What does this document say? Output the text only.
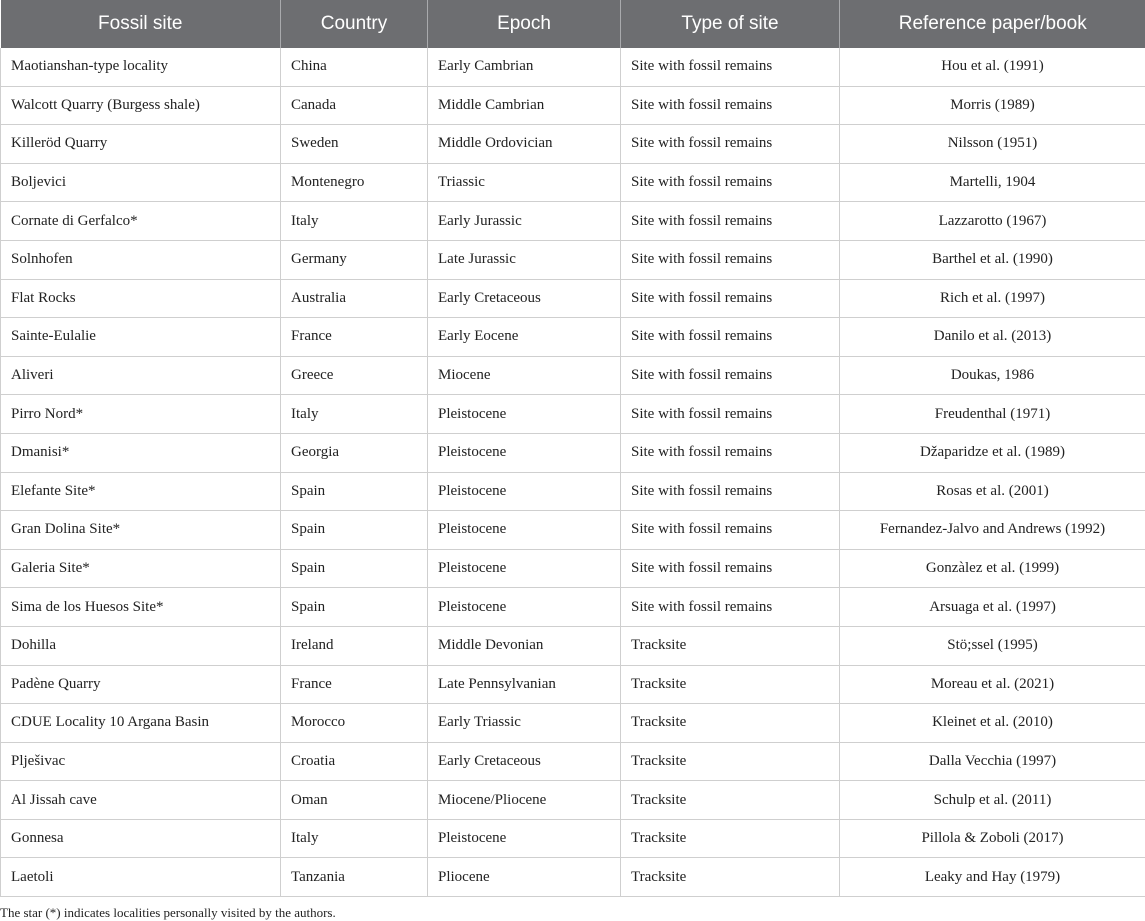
Fossil site	Country	Epoch	Type of site	Reference paper/book
Maotianshan-type locality	China	Early Cambrian	Site with fossil remains	Hou et al. (1991)
Walcott Quarry (Burgess shale)	Canada	Middle Cambrian	Site with fossil remains	Morris (1989)
Killeröd Quarry	Sweden	Middle Ordovician	Site with fossil remains	Nilsson (1951)
Boljevici	Montenegro	Triassic	Site with fossil remains	Martelli, 1904
Cornate di Gerfalco*	Italy	Early Jurassic	Site with fossil remains	Lazzarotto (1967)
Solnhofen	Germany	Late Jurassic	Site with fossil remains	Barthel et al. (1990)
Flat Rocks	Australia	Early Cretaceous	Site with fossil remains	Rich et al. (1997)
Sainte-Eulalie	France	Early Eocene	Site with fossil remains	Danilo et al. (2013)
Aliveri	Greece	Miocene	Site with fossil remains	Doukas, 1986
Pirro Nord*	Italy	Pleistocene	Site with fossil remains	Freudenthal (1971)
Dmanisi*	Georgia	Pleistocene	Site with fossil remains	Džaparidze et al. (1989)
Elefante Site*	Spain	Pleistocene	Site with fossil remains	Rosas et al. (2001)
Gran Dolina Site*	Spain	Pleistocene	Site with fossil remains	Fernandez-Jalvo and Andrews (1992)
Galeria Site*	Spain	Pleistocene	Site with fossil remains	Gonzàlez et al. (1999)
Sima de los Huesos Site*	Spain	Pleistocene	Site with fossil remains	Arsuaga et al. (1997)
Dohilla	Ireland	Middle Devonian	Tracksite	Stö;ssel (1995)
Padène Quarry	France	Late Pennsylvanian	Tracksite	Moreau et al. (2021)
CDUE Locality 10 Argana Basin	Morocco	Early Triassic	Tracksite	Kleinet et al. (2010)
Plješivac	Croatia	Early Cretaceous	Tracksite	Dalla Vecchia (1997)
Al Jissah cave	Oman	Miocene/Pliocene	Tracksite	Schulp et al. (2011)
Gonnesa	Italy	Pleistocene	Tracksite	Pillola & Zoboli (2017)
Laetoli	Tanzania	Pliocene	Tracksite	Leaky and Hay (1979)
The star (*) indicates localities personally visited by the authors.
